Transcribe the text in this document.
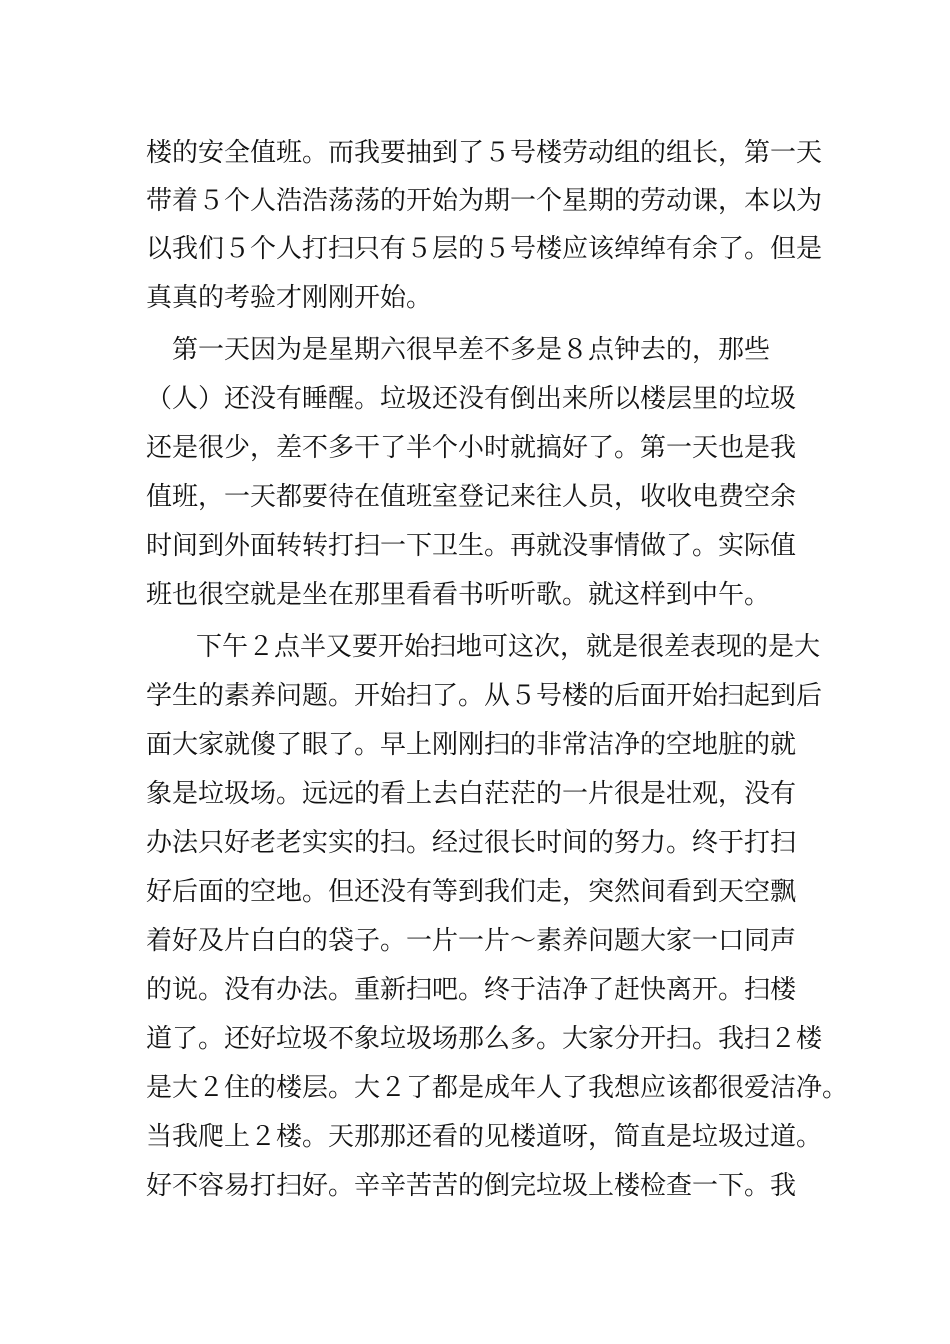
楼的安全值班。而我要抽到了５号楼劳动组的组长，第一天
带着５个人浩浩荡荡的开始为期一个星期的劳动课，本以为
以我们５个人打扫只有５层的５号楼应该绰绰有余了。但是
真真的考验才刚刚开始。
　第一天因为是星期六很早差不多是８点钟去的，那些
（人）还没有睡醒。垃圾还没有倒出来所以楼层里的垃圾
还是很少，差不多干了半个小时就搞好了。第一天也是我
值班，一天都要待在值班室登记来往人员，收收电费空余
时间到外面转转打扫一下卫生。再就没事情做了。实际值
班也很空就是坐在那里看看书听听歌。就这样到中午。
下午２点半又要开始扫地可这次，就是很差表现的是大
学生的素养问题。开始扫了。从５号楼的后面开始扫起到后
面大家就傻了眼了。早上刚刚扫的非常洁净的空地脏的就
象是垃圾场。远远的看上去白茫茫的一片很是壮观，没有
办法只好老老实实的扫。经过很长时间的努力。终于打扫
好后面的空地。但还没有等到我们走，突然间看到天空飘
着好及片白白的袋子。一片一片～素养问题大家一口同声
的说。没有办法。重新扫吧。终于洁净了赶快离开。扫楼
道了。还好垃圾不象垃圾场那么多。大家分开扫。我扫２楼
是大２住的楼层。大２了都是成年人了我想应该都很爱洁净。
当我爬上２楼。天那那还看的见楼道呀，简直是垃圾过道。
好不容易打扫好。辛辛苦苦的倒完垃圾上楼检查一下。我
